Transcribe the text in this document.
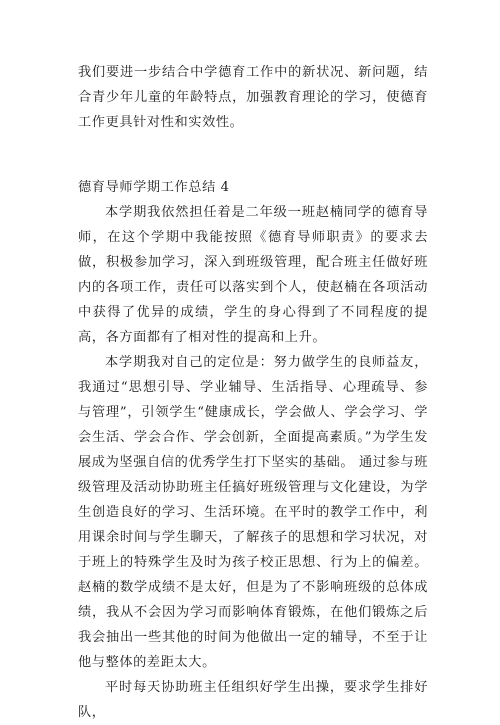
我们要进一步结合中学德育工作中的新状况、新问题，结合青少年儿童的年龄特点，加强教育理论的学习，使德育工作更具针对性和实效性。

德育导师学期工作总结 4

本学期我依然担任着是二年级一班赵楠同学的德育导师，在这个学期中我能按照《德育导师职责》的要求去做，积极参加学习，深入到班级管理，配合班主任做好班内的各项工作，责任可以落实到个人，使赵楠在各项活动中获得了优异的成绩，学生的身心得到了不同程度的提高，各方面都有了相对性的提高和上升。

本学期我对自己的定位是：努力做学生的良师益友，我通过“思想引导、学业辅导、生活指导、心理疏导、参与管理”，引领学生“健康成长，学会做人、学会学习、学会生活、学会合作、学会创新，全面提高素质。”为学生发展成为坚强自信的优秀学生打下坚实的基础。 通过参与班级管理及活动协助班主任搞好班级管理与文化建设，为学生创造良好的学习、生活环境。在平时的教学工作中，利用课余时间与学生聊天，了解孩子的思想和学习状况，对于班上的特殊学生及时为孩子校正思想、行为上的偏差。赵楠的数学成绩不是太好，但是为了不影响班级的总体成绩，我从不会因为学习而影响体育锻炼，在他们锻炼之后我会抽出一些其他的时间为他做出一定的辅导，不至于让他与整体的差距太大。

平时每天协助班主任组织好学生出操，要求学生排好队，
